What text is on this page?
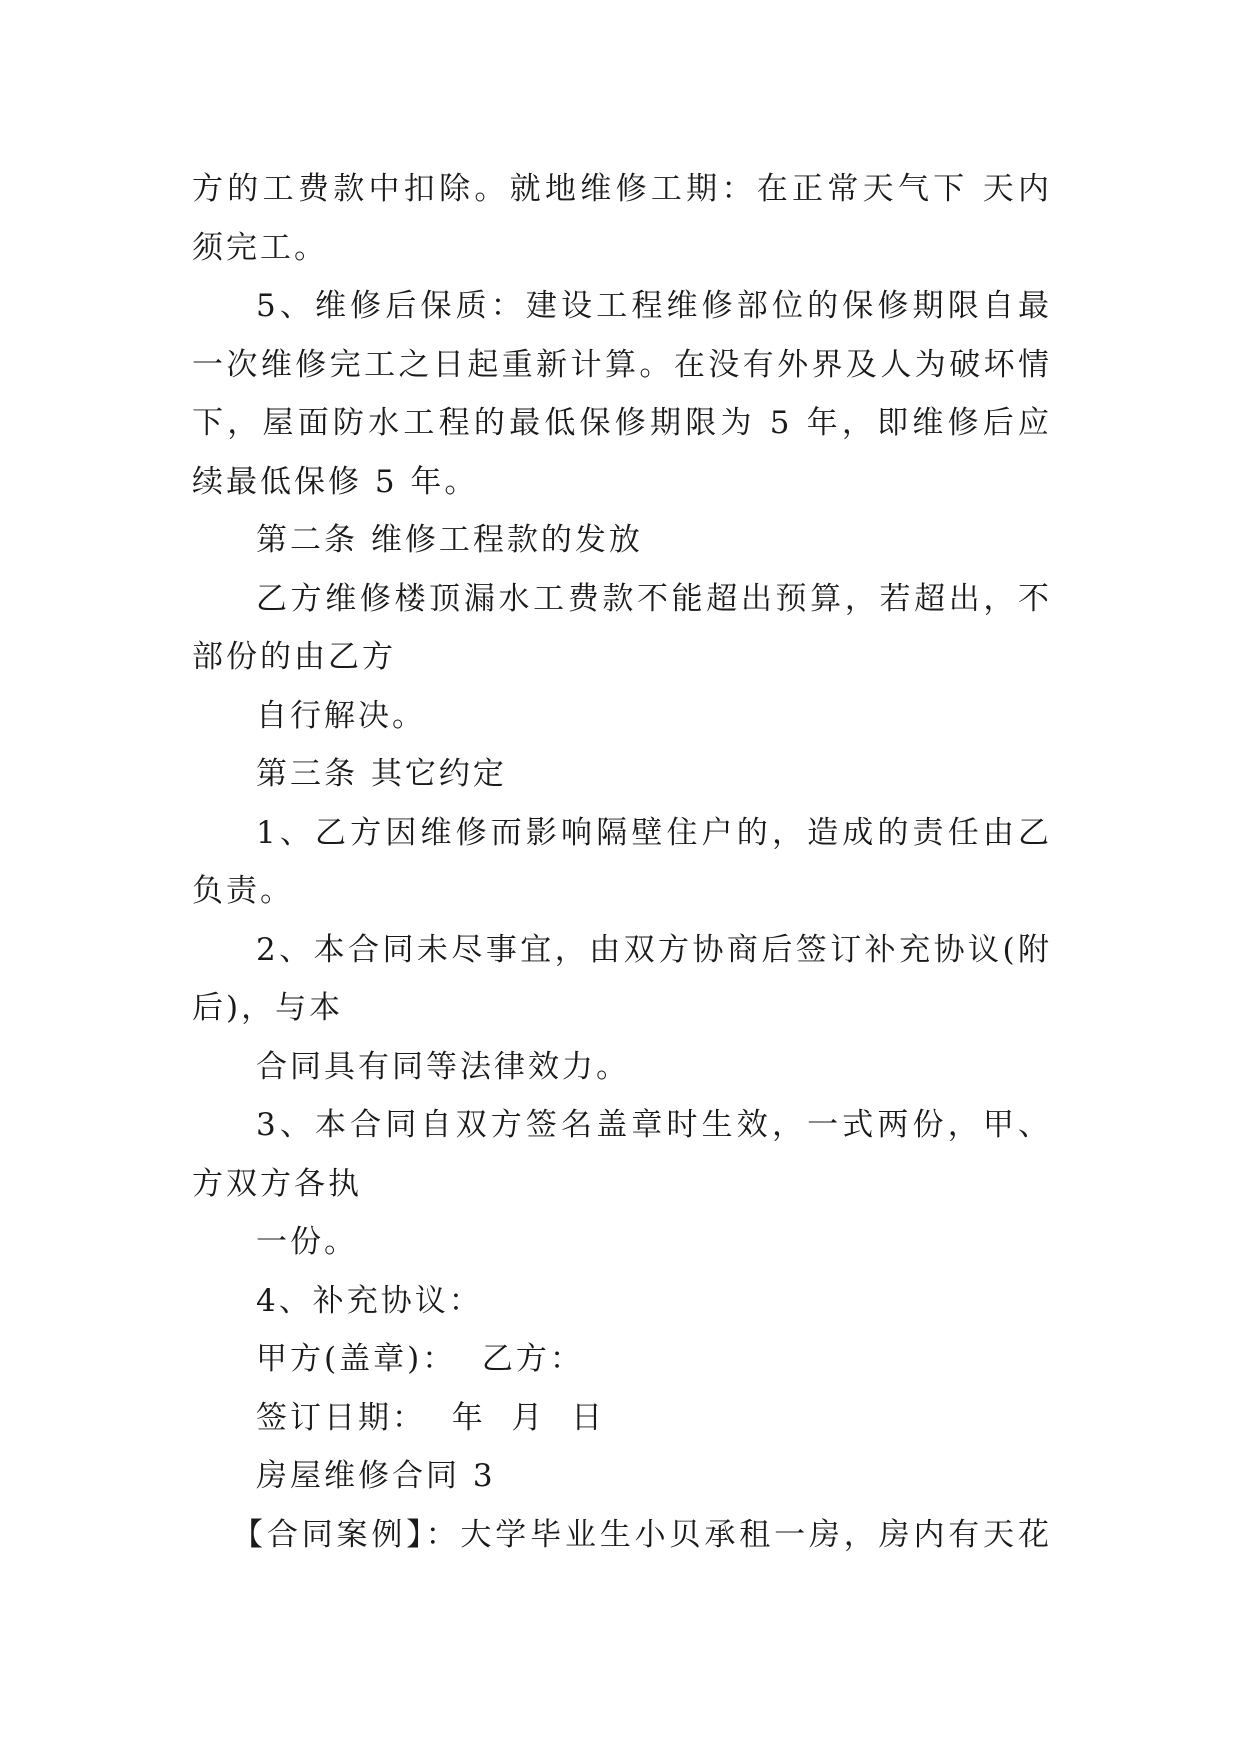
方的工费款中扣除。就地维修工期：在正常天气下 天内
须完工。
5、维修后保质：建设工程维修部位的保修期限自最
一次维修完工之日起重新计算。在没有外界及人为破坏情
下，屋面防水工程的最低保修期限为 5 年，即维修后应
续最低保修 5 年。
第二条 维修工程款的发放
乙方维修楼顶漏水工费款不能超出预算，若超出，不
部份的由乙方
自行解决。
第三条 其它约定
1、乙方因维修而影响隔壁住户的，造成的责任由乙
负责。
2、本合同未尽事宜，由双方协商后签订补充协议(附
后)，与本
合同具有同等法律效力。
3、本合同自双方签名盖章时生效，一式两份，甲、
方双方各执
一份。
4、补充协议：
甲方(盖章)：  乙方：
签订日期：  年  月  日
房屋维修合同 3
【合同案例】：大学毕业生小贝承租一房，房内有天花
